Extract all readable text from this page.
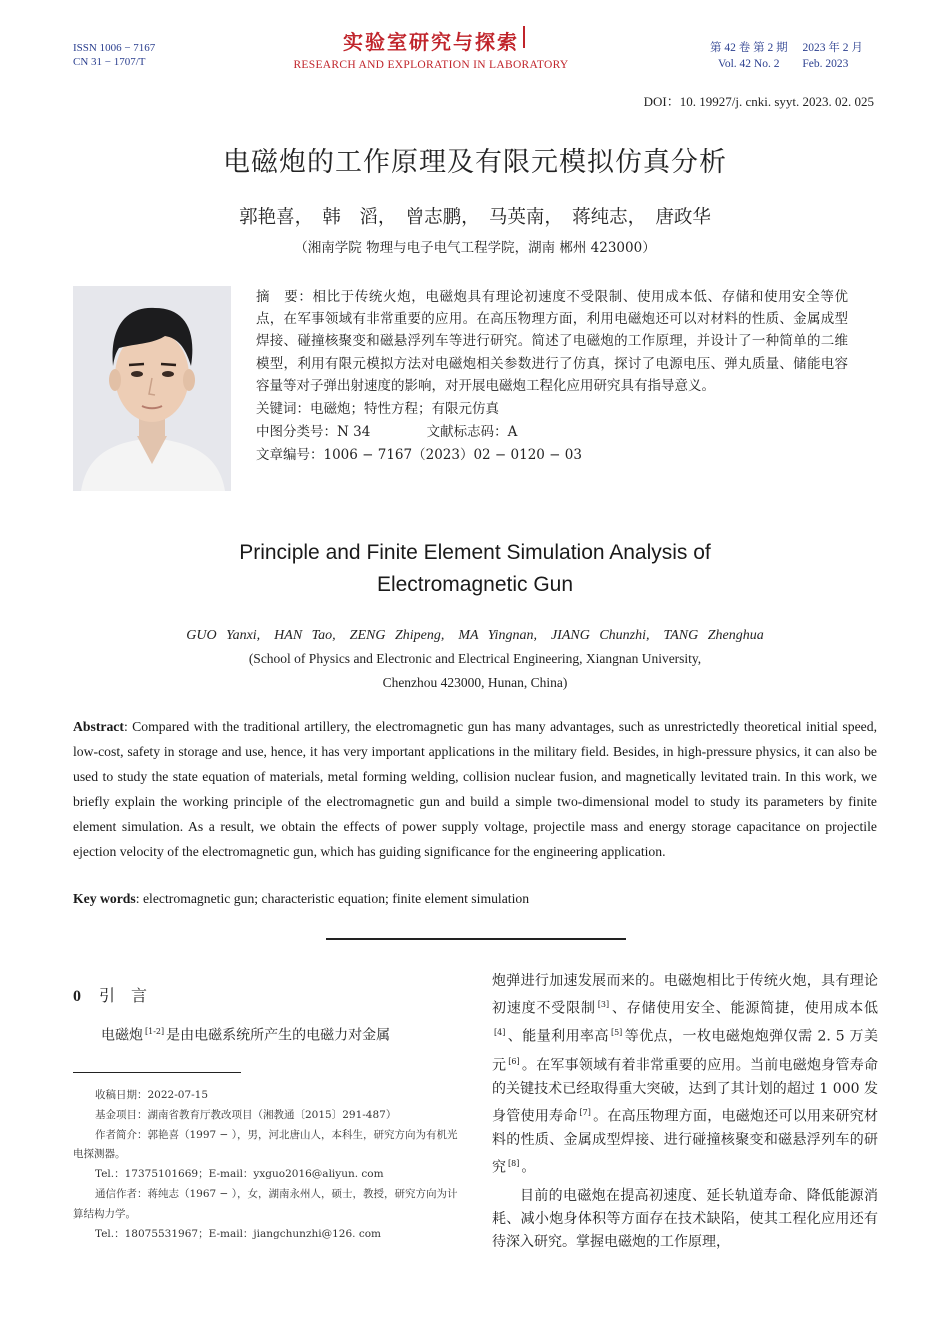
ISSN 1006 − 7167
CN 31 − 1707/T
实验室研究与探索
RESEARCH AND EXPLORATION IN LABORATORY
第 42 卷 第 2 期 2023 年 2 月
Vol. 42 No. 2 Feb. 2023
DOI：10. 19927/j. cnki. syyt. 2023. 02. 025
电磁炮的工作原理及有限元模拟仿真分析
郭艳喜，　韩　滔，　曾志鹏，　马英南，　蒋纯志，　唐政华
（湘南学院 物理与电子电气工程学院，湖南 郴州 423000）
摘　要：相比于传统火炮，电磁炮具有理论初速度不受限制、使用成本低、存储和使用安全等优点，在军事领域有非常重要的应用。在高压物理方面，利用电磁炮还可以对材料的性质、金属成型焊接、碰撞核聚变和磁悬浮列车等进行研究。简述了电磁炮的工作原理，并设计了一种简单的二维模型，利用有限元模拟方法对电磁炮相关参数进行了仿真，探讨了电源电压、弹丸质量、储能电容容量等对子弹出射速度的影响，对开展电磁炮工程化应用研究具有指导意义。
关键词：电磁炮；特性方程；有限元仿真
中图分类号：N 34	文献标志码：A
文章编号：1006 − 7167（2023）02 − 0120 − 03
Principle and Finite Element Simulation Analysis of
Electromagnetic Gun
GUO Yanxi,　HAN Tao,　ZENG Zhipeng,　MA Yingnan,　JIANG Chunzhi,　TANG Zhenghua
(School of Physics and Electronic and Electrical Engineering, Xiangnan University,
Chenzhou 423000, Hunan, China)
Abstract: Compared with the traditional artillery, the electromagnetic gun has many advantages, such as unrestrictedly theoretical initial speed, low-cost, safety in storage and use, hence, it has very important applications in the military field. Besides, in high-pressure physics, it can also be used to study the state equation of materials, metal forming welding, collision nuclear fusion, and magnetically levitated train. In this work, we briefly explain the working principle of the electromagnetic gun and build a simple two-dimensional model to study its parameters by finite element simulation. As a result, we obtain the effects of power supply voltage, projectile mass and energy storage capacitance on projectile ejection velocity of the electromagnetic gun, which has guiding significance for the engineering application.
Key words: electromagnetic gun; characteristic equation; finite element simulation
0 引　言
电磁炮 [1-2] 是由电磁系统所产生的电磁力对金属
收稿日期：2022-07-15
基金项目：湖南省教育厅教改项目（湘教通〔2015〕291-487）
作者简介：郭艳喜（1997 − ），男，河北唐山人，本科生，研究方向为有机光电探测器。
Tel.：17375101669；E-mail：yxguo2016@aliyun. com
通信作者：蒋纯志（1967 − ），女，湖南永州人，硕士，教授，研究方向为计算结构力学。
Tel.：18075531967；E-mail：jiangchunzhi@126. com
炮弹进行加速发展而来的。电磁炮相比于传统火炮，具有理论初速度不受限制 [3] 、存储使用安全、能源简捷，使用成本低[4] 、能量利用率高 [5] 等优点，一枚电磁炮炮弹仅需 2. 5 万美元 [6] 。在军事领域有着非常重要的应用。当前电磁炮身管寿命的关键技术已经取得重大突破，达到了其计划的超过 1 000 发身管使用寿命 [7] 。在高压物理方面，电磁炮还可以用来研究材料的性质、金属成型焊接、进行碰撞核聚变和磁悬浮列车的研究 [8] 。
目前的电磁炮在提高初速度、延长轨道寿命、降低能源消耗、减小炮身体积等方面存在技术缺陷，使其工程化应用还有待深入研究。掌握电磁炮的工作原理，
